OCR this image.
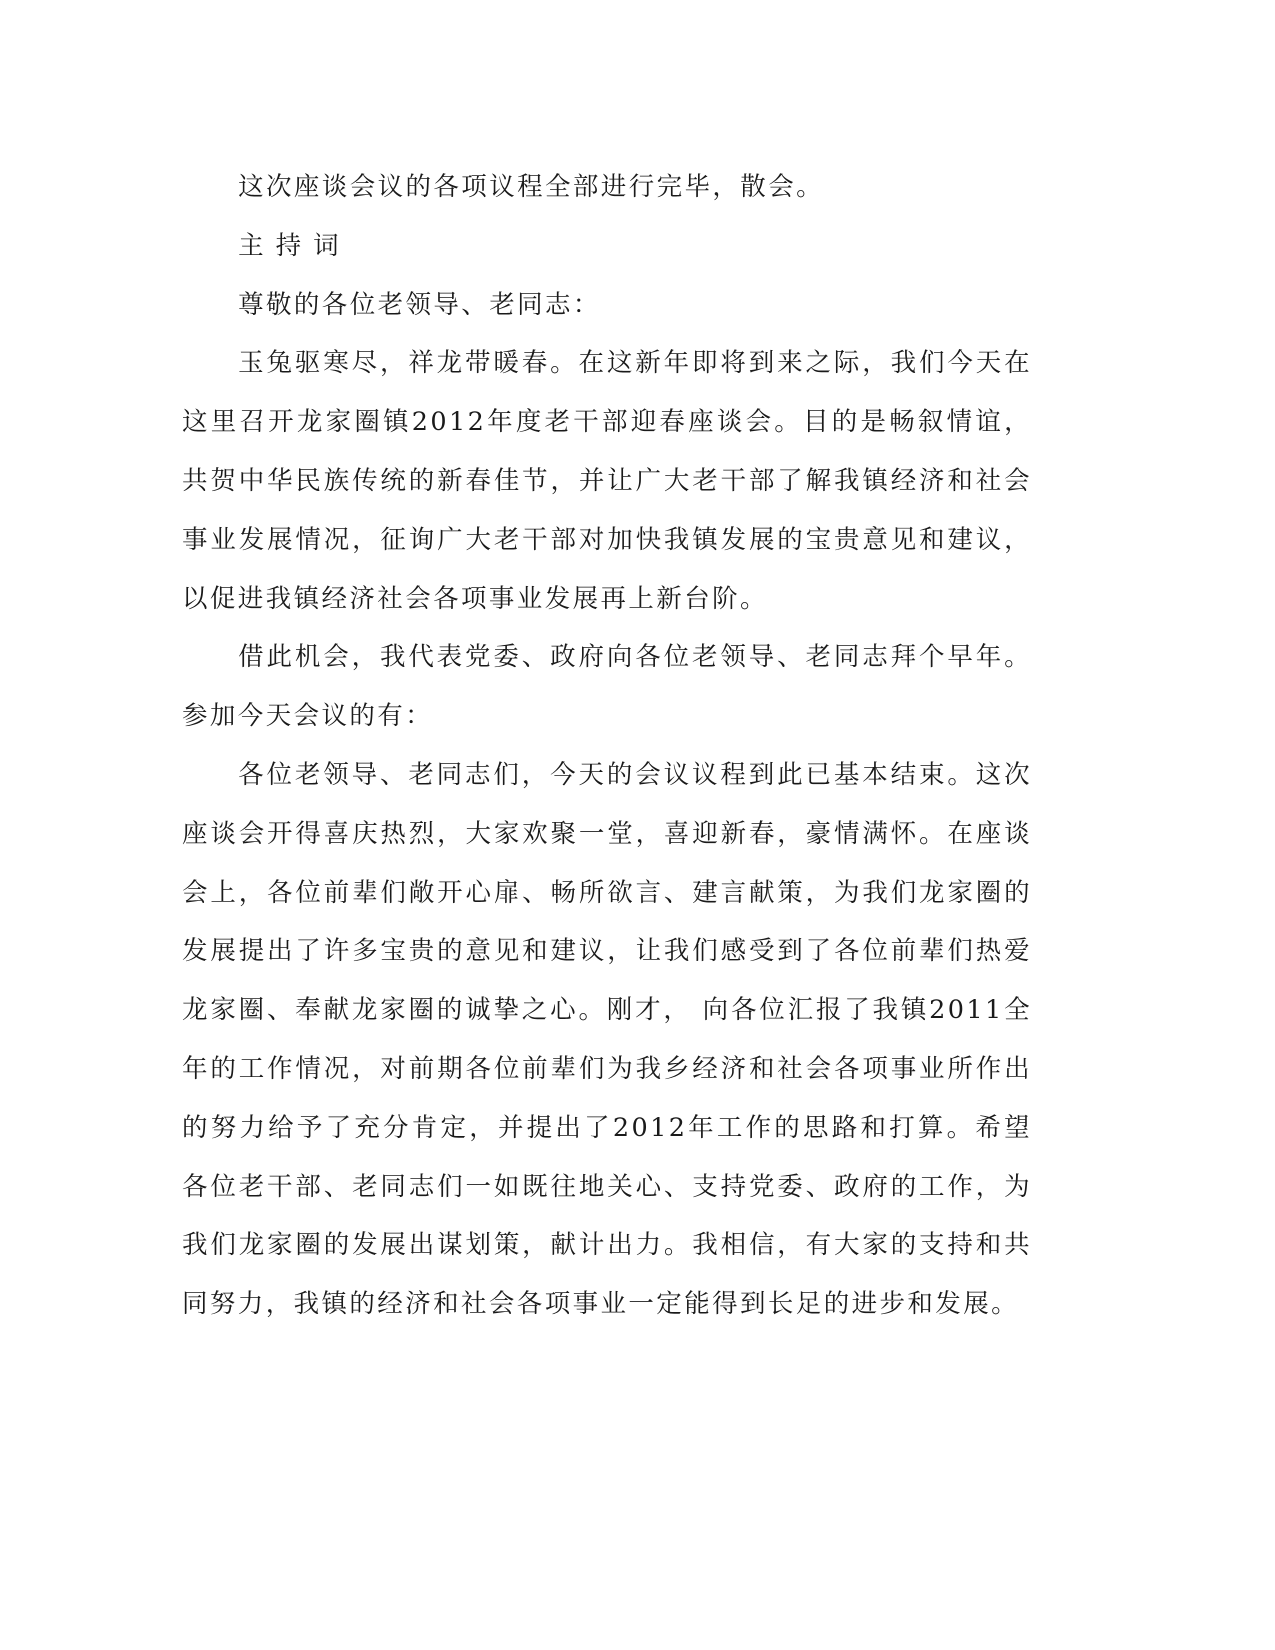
这次座谈会议的各项议程全部进行完毕，散会。

主持词

尊敬的各位老领导、老同志：

玉兔驱寒尽，祥龙带暖春。在这新年即将到来之际，我们今天在这里召开龙家圈镇2012年度老干部迎春座谈会。目的是畅叙情谊，共贺中华民族传统的新春佳节，并让广大老干部了解我镇经济和社会事业发展情况，征询广大老干部对加快我镇发展的宝贵意见和建议，以促进我镇经济社会各项事业发展再上新台阶。

借此机会，我代表党委、政府向各位老领导、老同志拜个早年。参加今天会议的有：

各位老领导、老同志们，今天的会议议程到此已基本结束。这次座谈会开得喜庆热烈，大家欢聚一堂，喜迎新春，豪情满怀。在座谈会上，各位前辈们敞开心扉、畅所欲言、建言献策，为我们龙家圈的发展提出了许多宝贵的意见和建议，让我们感受到了各位前辈们热爱龙家圈、奉献龙家圈的诚挚之心。刚才， 向各位汇报了我镇2011全年的工作情况，对前期各位前辈们为我乡经济和社会各项事业所作出的努力给予了充分肯定，并提出了2012年工作的思路和打算。希望各位老干部、老同志们一如既往地关心、支持党委、政府的工作，为我们龙家圈的发展出谋划策，献计出力。我相信，有大家的支持和共同努力，我镇的经济和社会各项事业一定能得到长足的进步和发展。
